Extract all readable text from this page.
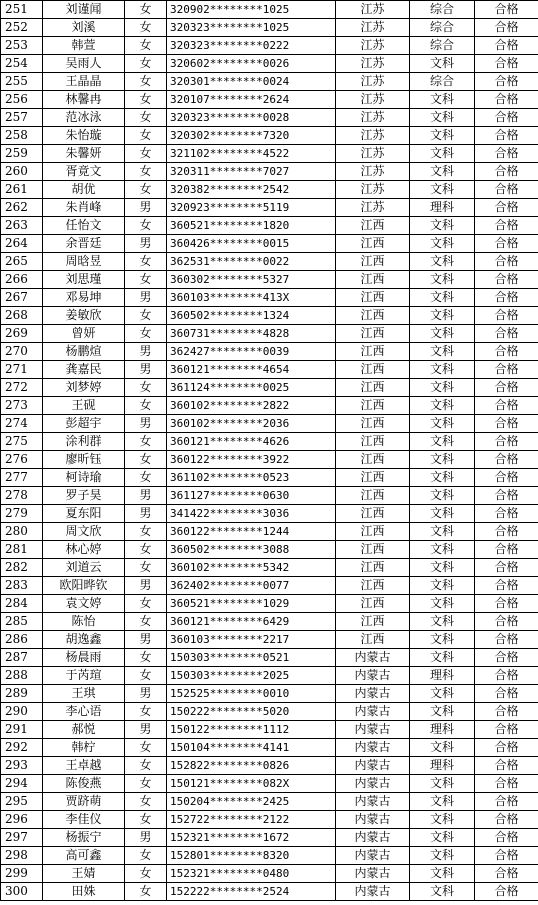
251	刘谨闻	女	320902********1025	江苏	综合	合格
252	刘溪	女	320323********1025	江苏	综合	合格
253	韩萱	女	320323********0222	江苏	综合	合格
254	吴雨人	女	320602********0026	江苏	文科	合格
255	王晶晶	女	320301********0024	江苏	综合	合格
256	林馨冉	女	320107********2624	江苏	文科	合格
257	范冰泳	女	320323********0028	江苏	文科	合格
258	朱怡璇	女	320302********7320	江苏	文科	合格
259	朱馨妍	女	321102********4522	江苏	文科	合格
260	胥竟文	女	320311********7027	江苏	文科	合格
261	胡优	女	320382********2542	江苏	文科	合格
262	朱肖峰	男	320923********5119	江苏	理科	合格
263	任怡文	女	360521********1820	江西	文科	合格
264	余晋廷	男	360426********0015	江西	文科	合格
265	周晗昱	女	362531********0022	江西	文科	合格
266	刘思瑾	女	360302********5327	江西	文科	合格
267	邓易坤	男	360103********413X	江西	文科	合格
268	姜敏欣	女	360502********1324	江西	文科	合格
269	曾妍	女	360731********4828	江西	文科	合格
270	杨鹏煊	男	362427********0039	江西	文科	合格
271	龚嘉民	男	360121********4654	江西	文科	合格
272	刘梦婷	女	361124********0025	江西	文科	合格
273	王砚	女	360102********2822	江西	文科	合格
274	彭超宇	男	360102********2036	江西	文科	合格
275	涂利群	女	360121********4626	江西	文科	合格
276	廖昕钰	女	360122********3922	江西	文科	合格
277	柯诗瑜	女	361102********0523	江西	文科	合格
278	罗子昊	男	361127********0630	江西	文科	合格
279	夏东阳	男	341422********3036	江西	文科	合格
280	周文欣	女	360122********1244	江西	文科	合格
281	林心婷	女	360502********3088	江西	文科	合格
282	刘道云	女	360102********5342	江西	文科	合格
283	欧阳晔钦	男	362402********0077	江西	文科	合格
284	袁文婷	女	360521********1029	江西	文科	合格
285	陈怡	女	360121********6429	江西	文科	合格
286	胡逸鑫	男	360103********2217	江西	文科	合格
287	杨晨雨	女	150303********0521	内蒙古	文科	合格
288	于芮瑄	女	150303********2025	内蒙古	理科	合格
289	王琪	男	152525********0010	内蒙古	文科	合格
290	李心语	女	150222********5020	内蒙古	文科	合格
291	郝悦	男	150122********1112	内蒙古	理科	合格
292	韩柠	女	150104********4141	内蒙古	文科	合格
293	王卓越	女	152822********0826	内蒙古	理科	合格
294	陈俊燕	女	150121********082X	内蒙古	文科	合格
295	贾跻萌	女	150204********2425	内蒙古	文科	合格
296	李佳仪	女	152722********2122	内蒙古	文科	合格
297	杨振宁	男	152321********1672	内蒙古	文科	合格
298	高可鑫	女	152801********8320	内蒙古	文科	合格
299	王婧	女	152321********0480	内蒙古	文科	合格
300	田姝	女	152222********2524	内蒙古	文科	合格
